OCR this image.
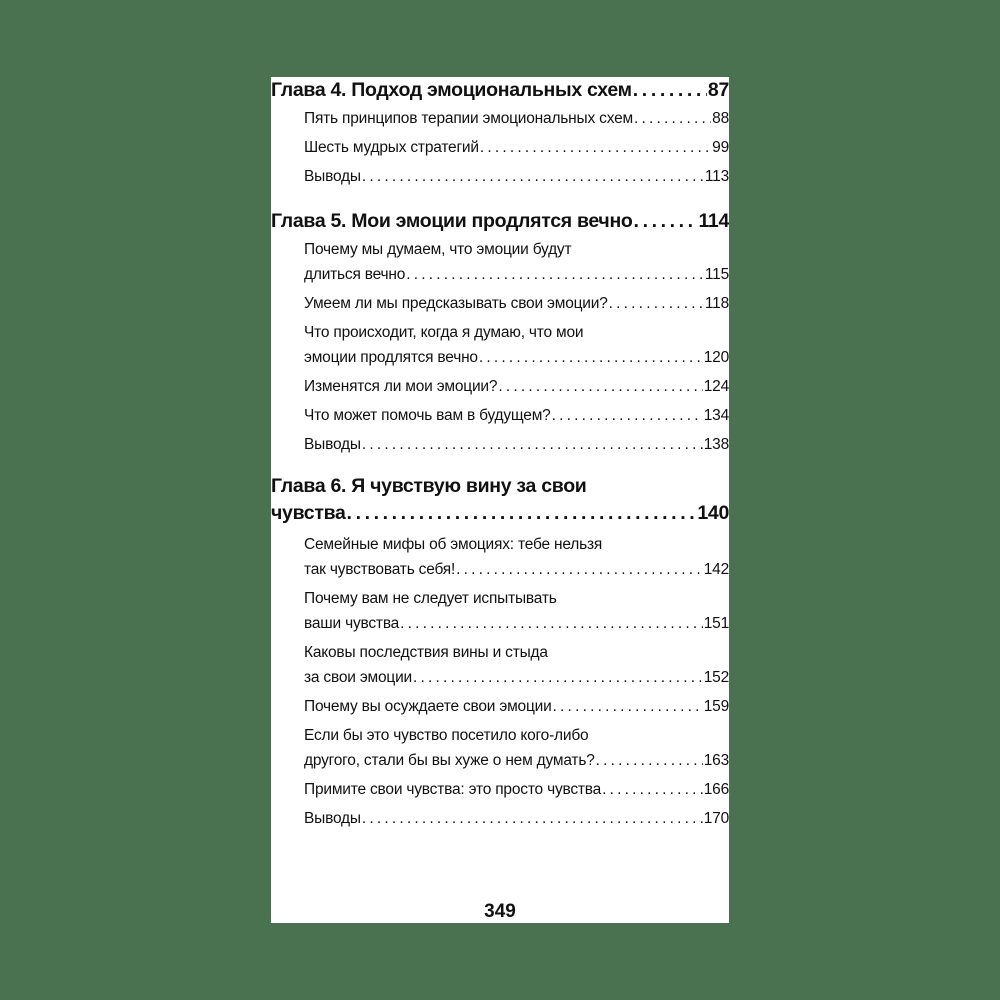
Глава 4. Подход эмоциональных схем .....	87
Пять принципов терапии эмоциональных схем .....	88
Шесть мудрых стратегий .....	99
Выводы .....	113
Глава 5. Мои эмоции продлятся вечно .....	114
Почему мы думаем, что эмоции будут
длиться вечно .....	115
Умеем ли мы предсказывать свои эмоции? .....	118
Что происходит, когда я думаю, что мои
эмоции продлятся вечно .....	120
Изменятся ли мои эмоции? .....	124
Что может помочь вам в будущем? .....	134
Выводы .....	138
Глава 6. Я чувствую вину за свои
чувства .....	140
Семейные мифы об эмоциях: тебе нельзя
так чувствовать себя! .....	142
Почему вам не следует испытывать
ваши чувства .....	151
Каковы последствия вины и стыда
за свои эмоции .....	152
Почему вы осуждаете свои эмоции .....	159
Если бы это чувство посетило кого-либо
другого, стали бы вы хуже о нем думать? .....	163
Примите свои чувства: это просто чувства .....	166
Выводы .....	170
349
